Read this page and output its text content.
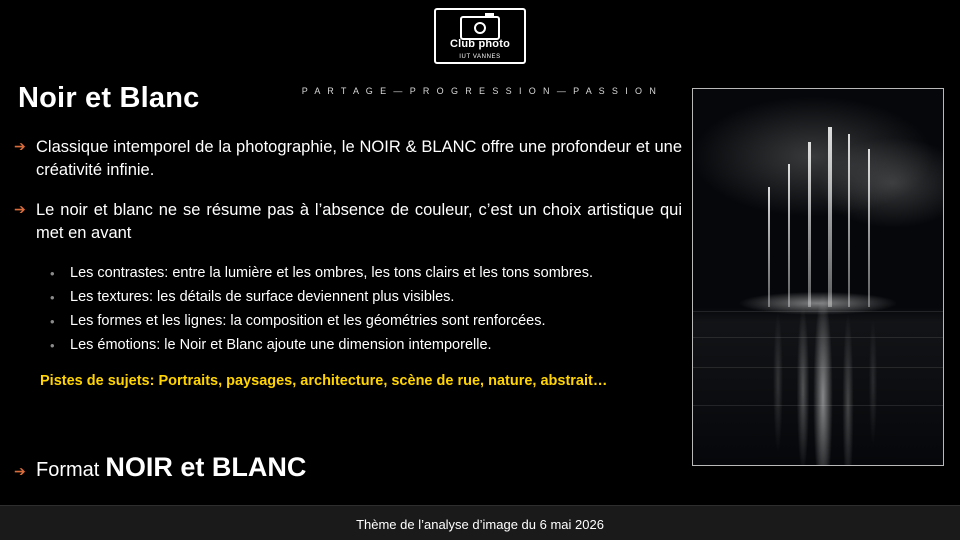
Club photo
IUT VANNES
P A R T A G E — P R O G R E S S I O N — P A S S I O N
Noir et Blanc
➔ Classique intemporel de la photographie, le NOIR & BLANC offre une profondeur et une créativité infinie.
➔ Le noir et blanc ne se résume pas à l’absence de couleur, c’est un choix artistique qui met en avant
•	Les contrastes: entre la lumière et les ombres, les tons clairs et les tons sombres.
•	Les textures: les détails de surface deviennent plus visibles.
•	Les formes et les lignes: la composition et les géométries sont renforcées.
•	Les émotions: le Noir et Blanc ajoute une dimension intemporelle.
Pistes de sujets: Portraits, paysages, architecture, scène de rue, nature, abstrait…
➔ Format NOIR et BLANC
Thème de l’analyse d’image du 6 mai 2026
